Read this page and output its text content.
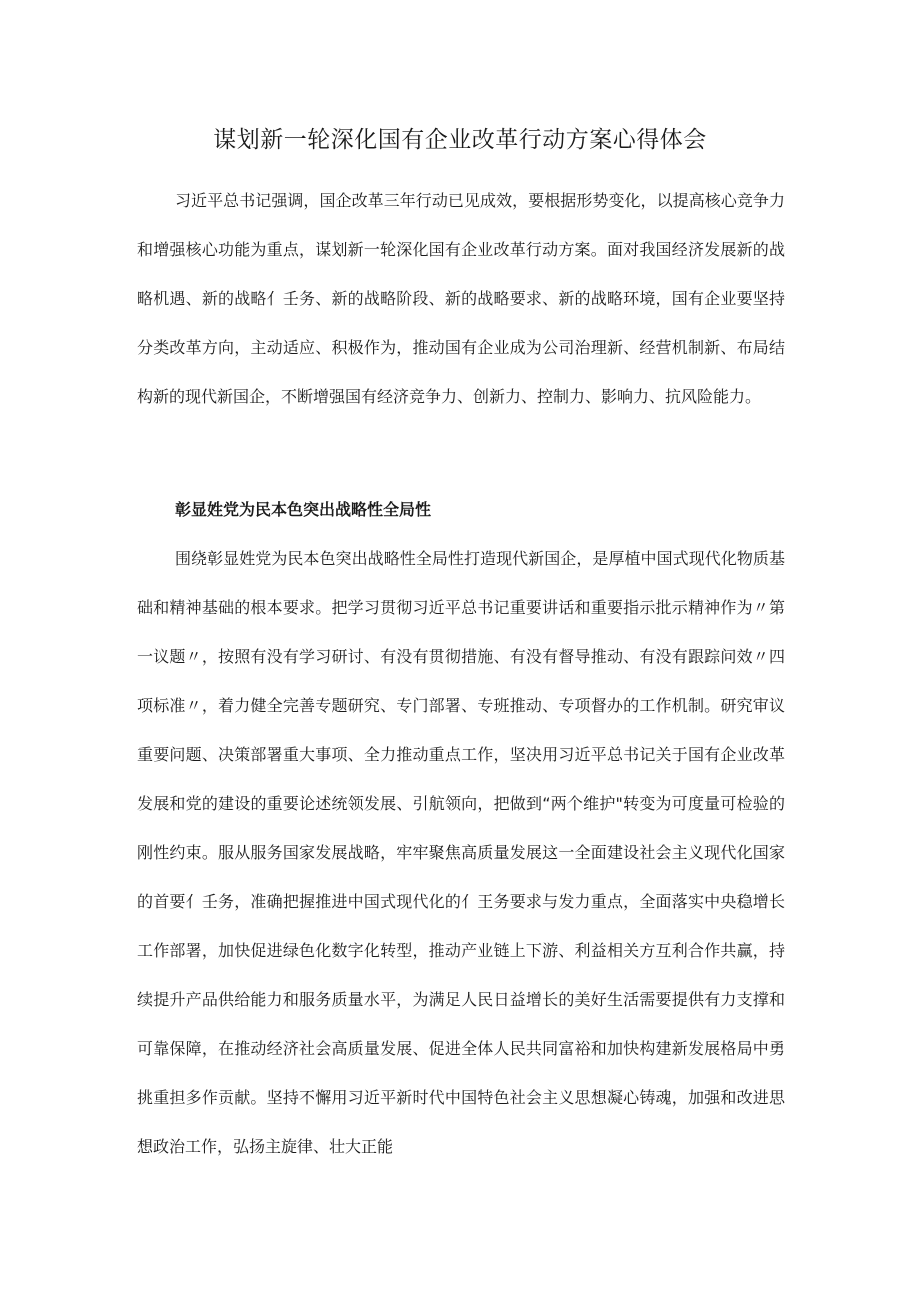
谋划新一轮深化国有企业改革行动方案心得体会

习近平总书记强调，国企改革三年行动已见成效，要根据形势变化，以提高核心竞争力和增强核心功能为重点，谋划新一轮深化国有企业改革行动方案。面对我国经济发展新的战略机遇、新的战略亻壬务、新的战略阶段、新的战略要求、新的战略环境，国有企业要坚持分类改革方向，主动适应、积极作为，推动国有企业成为公司治理新、经营机制新、布局结构新的现代新国企，不断增强国有经济竞争力、创新力、控制力、影响力、抗风险能力。

彰显姓党为民本色突出战略性全局性

围绕彰显姓党为民本色突出战略性全局性打造现代新国企，是厚植中国式现代化物质基础和精神基础的根本要求。把学习贯彻习近平总书记重要讲话和重要指示批示精神作为〃第一议题〃，按照有没有学习研讨、有没有贯彻措施、有没有督导推动、有没有跟踪问效〃四项标准〃，着力健全完善专题研究、专门部署、专班推动、专项督办的工作机制。研究审议重要问题、决策部署重大事项、全力推动重点工作，坚决用习近平总书记关于国有企业改革发展和党的建设的重要论述统领发展、引航领向，把做到“两个维护"转变为可度量可检验的刚性约束。服从服务国家发展战略，牢牢聚焦高质量发展这一全面建设社会主义现代化国家的首要亻壬务，准确把握推进中国式现代化的亻王务要求与发力重点，全面落实中央稳增长工作部署，加快促进绿色化数字化转型，推动产业链上下游、利益相关方互利合作共赢，持续提升产品供给能力和服务质量水平，为满足人民日益增长的美好生活需要提供有力支撑和可靠保障，在推动经济社会高质量发展、促进全体人民共同富裕和加快构建新发展格局中勇挑重担多作贡献。坚持不懈用习近平新时代中国特色社会主义思想凝心铸魂，加强和改进思想政治工作，弘扬主旋律、壮大正能
